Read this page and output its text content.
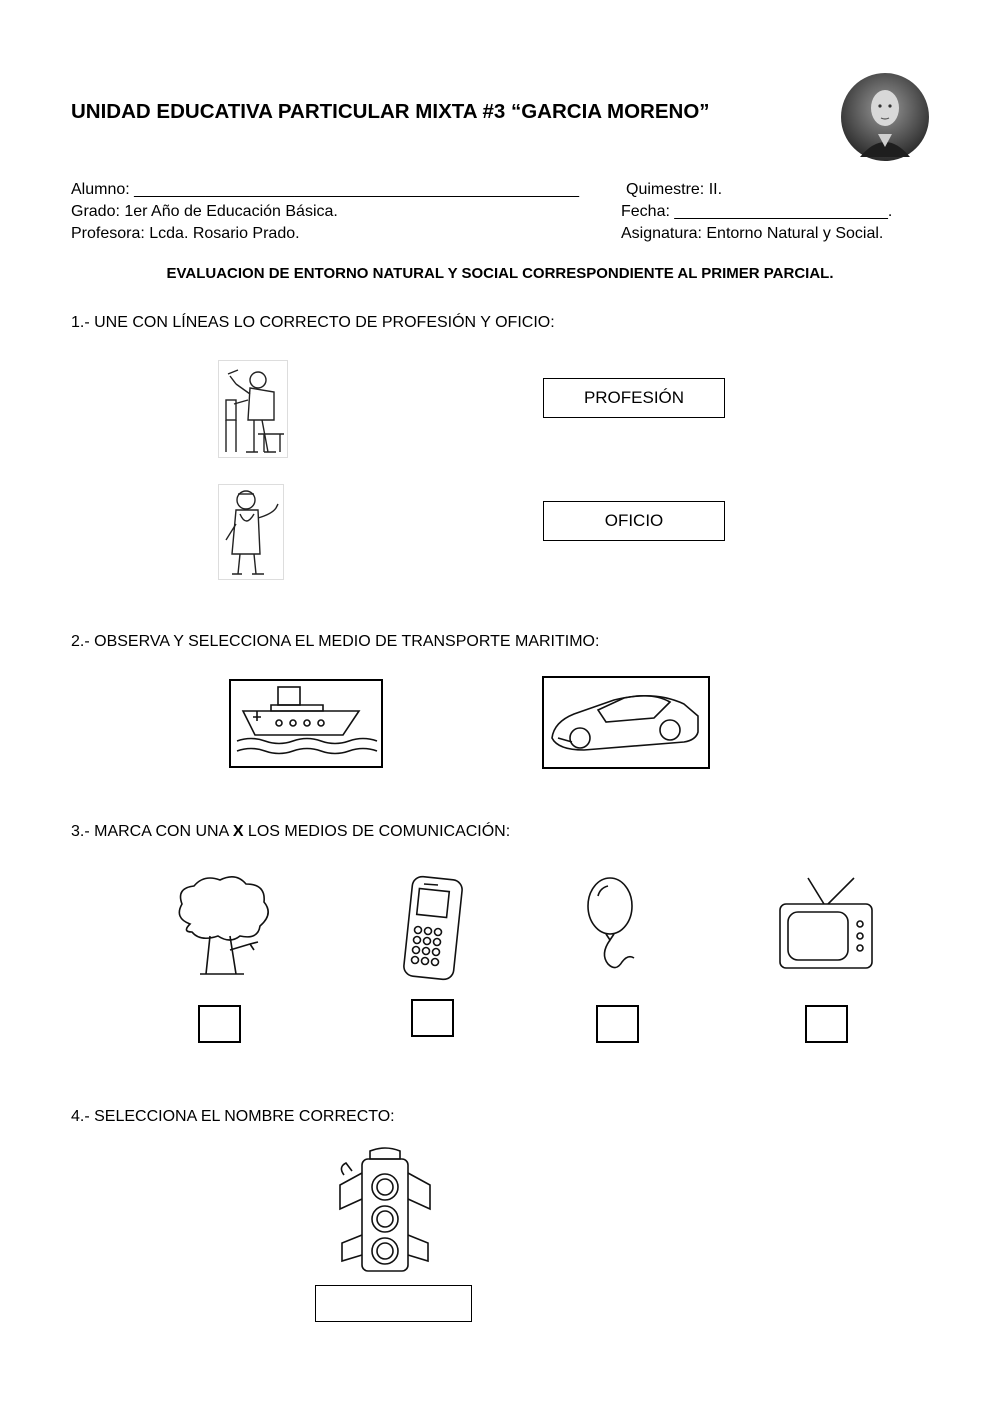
UNIDAD EDUCATIVA PARTICULAR MIXTA #3 “GARCIA MORENO”
Alumno: __________________________________________________	Quimestre: II.
Grado: 1er Año de Educación Básica.	Fecha: ________________________.
Profesora: Lcda. Rosario Prado.	Asignatura: Entorno Natural y Social.
EVALUACION DE ENTORNO NATURAL Y SOCIAL CORRESPONDIENTE AL PRIMER PARCIAL.
1.- UNE CON LÍNEAS LO CORRECTO DE PROFESIÓN Y OFICIO:
PROFESIÓN
OFICIO
2.- OBSERVA Y SELECCIONA EL MEDIO DE TRANSPORTE MARITIMO:
3.- MARCA CON UNA X LOS MEDIOS DE COMUNICACIÓN:
4.- SELECCIONA EL NOMBRE CORRECTO:
